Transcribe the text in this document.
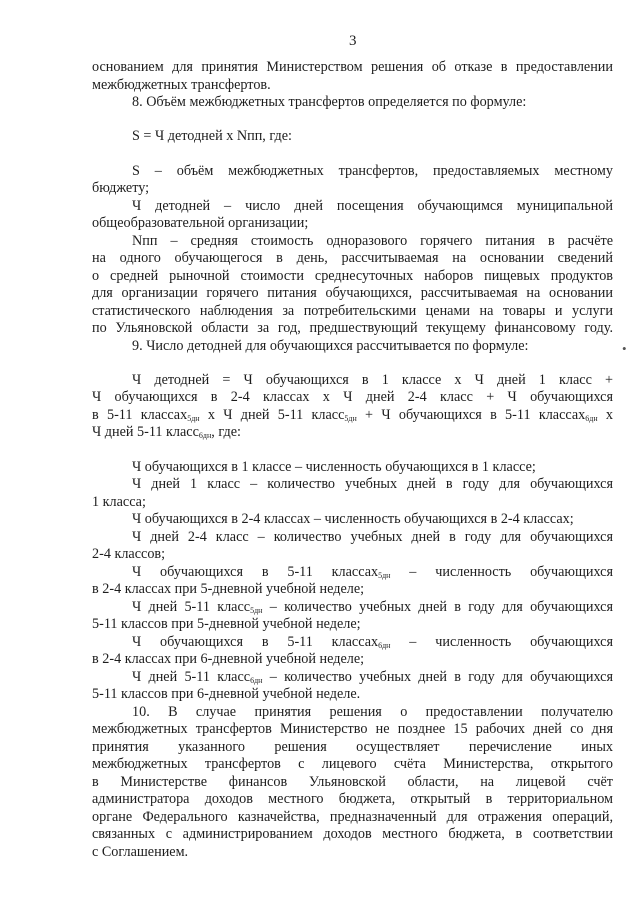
3
основанием для принятия Министерством решения об отказе в предоставлении
межбюджетных трансфертов.
8. Объём межбюджетных трансфертов определяется по формуле:
S = Ч детодней х Nпп, где:
S – объём межбюджетных трансфертов, предоставляемых местному
бюджету;
Ч детодней – число дней посещения обучающимся муниципальной
общеобразовательной организации;
Nпп – средняя стоимость одноразового горячего питания в расчёте
на одного обучающегося в день, рассчитываемая на основании сведений
о средней рыночной стоимости среднесуточных наборов пищевых продуктов
для организации горячего питания обучающихся, рассчитываемая на основании
статистического наблюдения за потребительскими ценами на товары и услуги
по Ульяновской области за год, предшествующий текущему финансовому году.
9. Число детодней для обучающихся рассчитывается по формуле:	•
Ч детодней = Ч обучающихся в 1 классе х Ч дней 1 класс +
Ч обучающихся в 2-4 классах х Ч дней 2-4 класс + Ч обучающихся
в 5-11 классах$_{5дн}$ х Ч дней 5-11 класс$_{5дн}$ + Ч обучающихся в 5-11 классах$_{6дн}$ х
Ч дней 5-11 класс$_{6дн}$, где:
Ч обучающихся в 1 классе – численность обучающихся в 1 классе;
Ч дней 1 класс – количество учебных дней в году для обучающихся
1 класса;
Ч обучающихся в 2-4 классах – численность обучающихся в 2-4 классах;
Ч дней 2-4 класс – количество учебных дней в году для обучающихся
2-4 классов;
Ч обучающихся в 5-11 классах$_{5дн}$ – численность обучающихся
в 2-4 классах при 5-дневной учебной неделе;
Ч дней 5-11 класс$_{5дн}$ – количество учебных дней в году для обучающихся
5-11 классов при 5-дневной учебной неделе;
Ч обучающихся в 5-11 классах$_{6дн}$ – численность обучающихся
в 2-4 классах при 6-дневной учебной неделе;
Ч дней 5-11 класс$_{6дн}$ – количество учебных дней в году для обучающихся
5-11 классов при 6-дневной учебной неделе.
10. В случае принятия решения о предоставлении получателю
межбюджетных трансфертов Министерство не позднее 15 рабочих дней со дня
принятия указанного решения осуществляет перечисление иных
межбюджетных трансфертов с лицевого счёта Министерства, открытого
в Министерстве финансов Ульяновской области, на лицевой счёт
администратора доходов местного бюджета, открытый в территориальном
органе Федерального казначейства, предназначенный для отражения операций,
связанных с администрированием доходов местного бюджета, в соответствии
с Соглашением.
